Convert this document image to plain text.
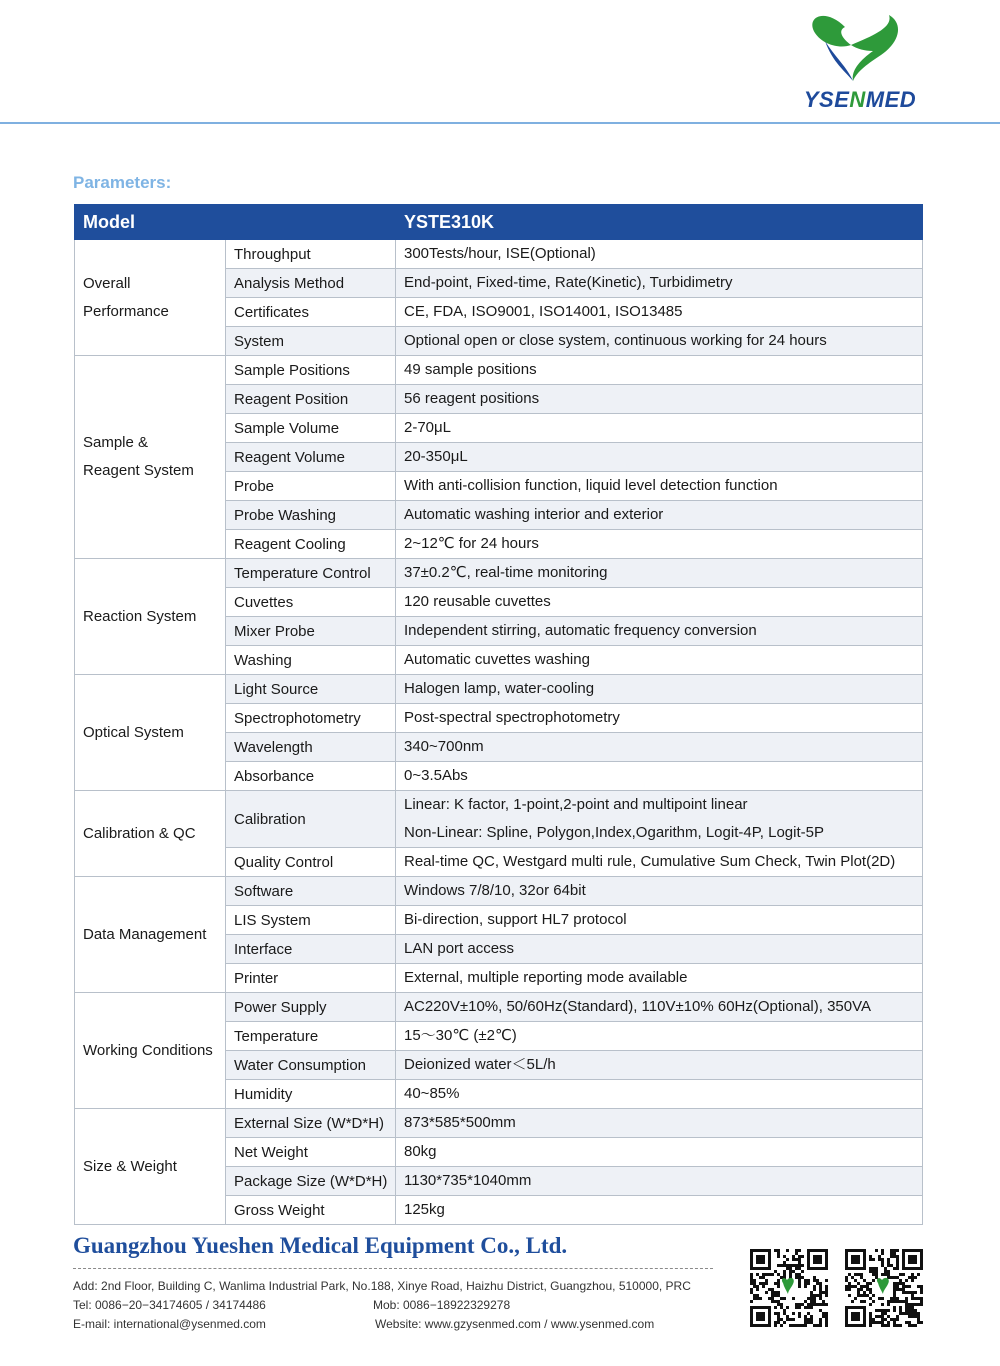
YSENMED
Parameters:
Model		YSTE310K

Overall
Performance	Throughput	300Tests/hour, ISE(Optional)

	Analysis Method	End-point, Fixed-time, Rate(Kinetic), Turbidimetry

	Certificates	CE, FDA, ISO9001, ISO14001, ISO13485

	System	Optional open or close system, continuous working for 24 hours

Sample &
Reagent System	Sample Positions	49 sample positions

	Reagent Position	56 reagent positions

	Sample Volume	2-70μL

	Reagent Volume	20-350μL

	Probe	With anti-collision function, liquid level detection function

	Probe Washing	Automatic washing interior and exterior

	Reagent Cooling	2~12℃ for 24 hours

Reaction System	Temperature Control	37±0.2℃, real-time monitoring

	Cuvettes	120 reusable cuvettes

	Mixer Probe	Independent stirring, automatic frequency conversion

	Washing	Automatic cuvettes washing

Optical System	Light Source	Halogen lamp, water-cooling

	Spectrophotometry	Post-spectral spectrophotometry

	Wavelength	340~700nm

	Absorbance	0~3.5Abs

Calibration & QC	Calibration	Linear: K factor, 1-point,2-point and multipoint linear
Non-Linear: Spline, Polygon,Index,Ogarithm, Logit-4P, Logit-5P

	Quality Control	Real-time QC, Westgard multi rule, Cumulative Sum Check, Twin Plot(2D)

Data Management	Software	Windows 7/8/10, 32or 64bit

	LIS System	Bi-direction, support HL7 protocol

	Interface	LAN port access

	Printer	External, multiple reporting mode available

Working Conditions	Power Supply	AC220V±10%, 50/60Hz(Standard), 110V±10% 60Hz(Optional), 350VA

	Temperature	15～30℃ (±2℃)

	Water Consumption	Deionized water＜5L/h

	Humidity	40~85%

Size & Weight	External Size (W*D*H)	873*585*500mm

	Net Weight	80kg

	Package Size (W*D*H)	1130*735*1040mm

	Gross Weight	125kg
Guangzhou Yueshen Medical Equipment Co., Ltd.
Add: 2nd Floor, Building C, Wanlima Industrial Park, No.188, Xinye Road, Haizhu District, Guangzhou, 510000, PRC
Tel: 0086−20−34174605 / 34174486	Mob: 0086−18922329278
E-mail: international@ysenmed.com	Website: www.gzysenmed.com / www.ysenmed.com
